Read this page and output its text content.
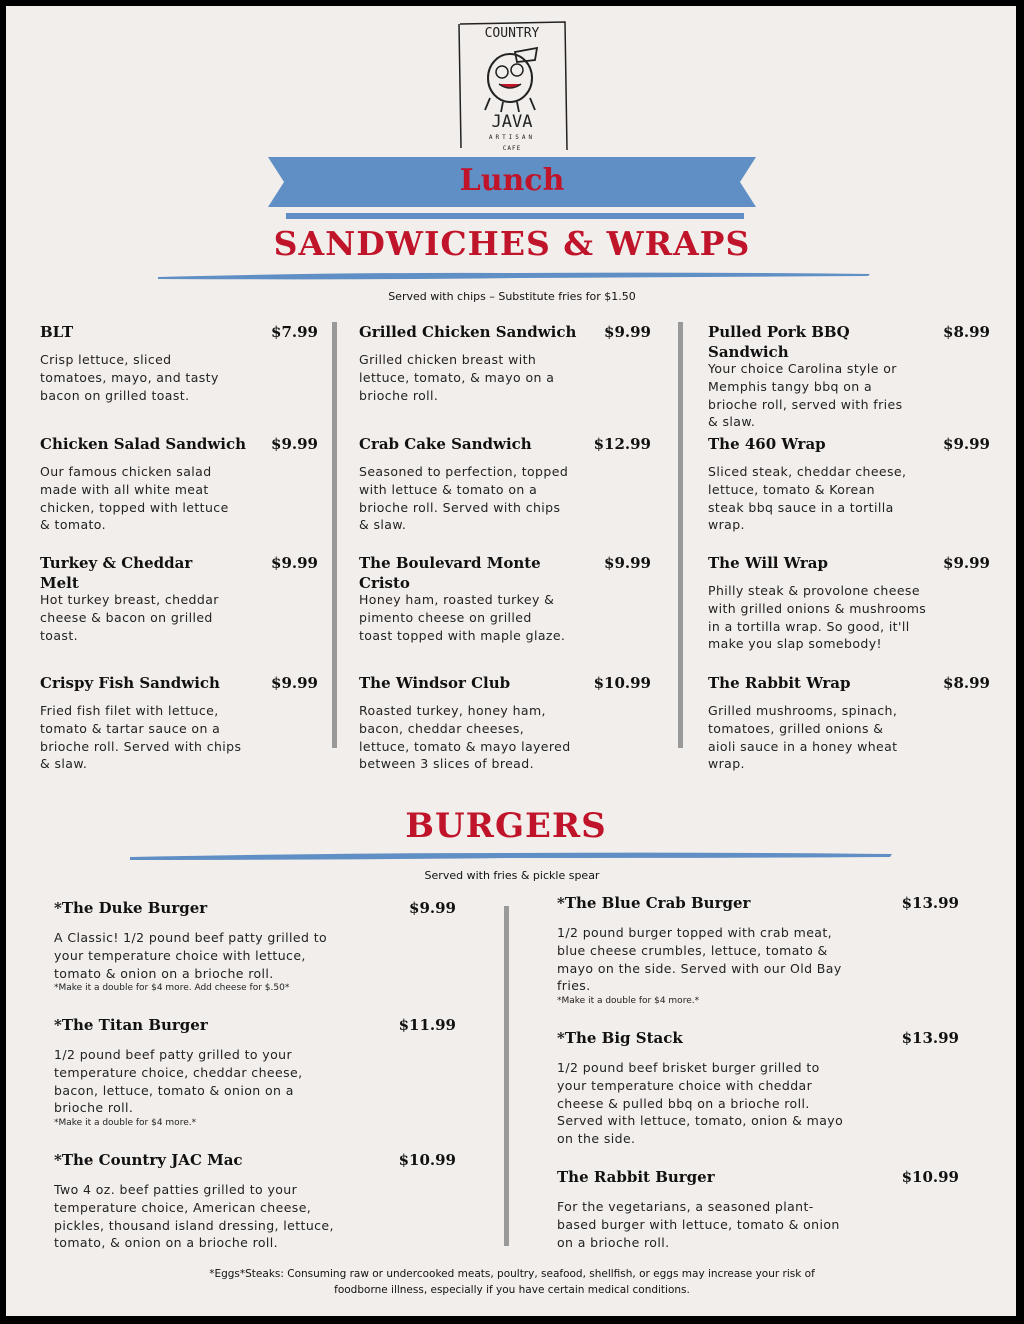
COUNTRY
JAVA
ARTISAN
CAFE
Lunch
SANDWICHES & WRAPS
Served with chips – Substitute fries for $1.50
BLT	$7.99
Crisp lettuce, sliced
tomatoes, mayo, and tasty
bacon on grilled toast.
Grilled Chicken Sandwich $9.99
Grilled chicken breast with
lettuce, tomato, & mayo on a
brioche roll.
Pulled Pork BBQ
Sandwich
$8.99
Your choice Carolina style or
Memphis tangy bbq on a
brioche roll, served with fries
& slaw.
Chicken Salad Sandwich $9.99
Our famous chicken salad
made with all white meat
chicken, topped with lettuce
& tomato.
Crab Cake Sandwich	$12.99
Seasoned to perfection, topped
with lettuce & tomato on a
brioche roll. Served with chips
& slaw.
The 460 Wrap	$9.99
Sliced steak, cheddar cheese,
lettuce, tomato & Korean
steak bbq sauce in a tortilla
wrap.
Turkey & Cheddar
Melt
$9.99
Hot turkey breast, cheddar
cheese & bacon on grilled
toast.
The Boulevard Monte
Cristo
$9.99
Honey ham, roasted turkey &
pimento cheese on grilled
toast topped with maple glaze.
The Will Wrap	$9.99
Philly steak & provolone cheese
with grilled onions & mushrooms
in a tortilla wrap. So good, it'll
make you slap somebody!
Crispy Fish Sandwich	$9.99
Fried fish filet with lettuce,
tomato & tartar sauce on a
brioche roll. Served with chips
& slaw.
The Windsor Club	$10.99
Roasted turkey, honey ham,
bacon, cheddar cheeses,
lettuce, tomato & mayo layered
between 3 slices of bread.
The Rabbit Wrap	$8.99
Grilled mushrooms, spinach,
tomatoes, grilled onions &
aioli sauce in a honey wheat
wrap.
BURGERS
Served with fries & pickle spear
*The Duke Burger	$9.99
A Classic! 1/2 pound beef patty grilled to
your temperature choice with lettuce,
tomato & onion on a brioche roll.
*Make it a double for $4 more. Add cheese for $.50*
*The Blue Crab Burger	$13.99
1/2 pound burger topped with crab meat,
blue cheese crumbles, lettuce, tomato &
mayo on the side. Served with our Old Bay
fries.
*Make it a double for $4 more.*
*The Titan Burger	$11.99
1/2 pound beef patty grilled to your
temperature choice, cheddar cheese,
bacon, lettuce, tomato & onion on a
brioche roll.
*Make it a double for $4 more.*
*The Big Stack	$13.99
1/2 pound beef brisket burger grilled to
your temperature choice with cheddar
cheese & pulled bbq on a brioche roll.
Served with lettuce, tomato, onion & mayo
on the side.
*The Country JAC Mac	$10.99
Two 4 oz. beef patties grilled to your
temperature choice, American cheese,
pickles, thousand island dressing, lettuce,
tomato, & onion on a brioche roll.
The Rabbit Burger	$10.99
For the vegetarians, a seasoned plant-
based burger with lettuce, tomato & onion
on a brioche roll.
*Eggs*Steaks: Consuming raw or undercooked meats, poultry, seafood, shellfish, or eggs may increase your risk of
foodborne illness, especially if you have certain medical conditions.
